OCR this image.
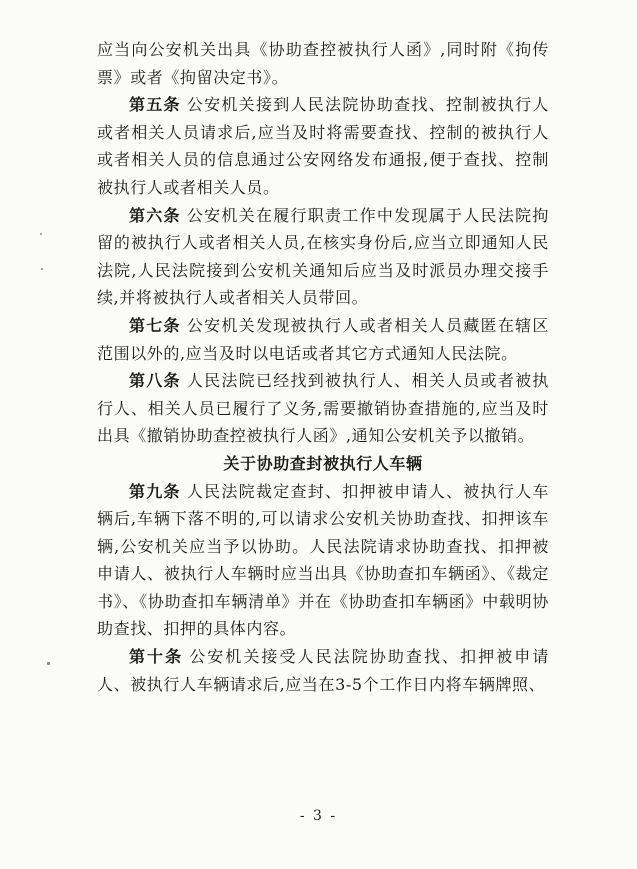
应当向公安机关出具《协助查控被执行人函》,同时附《拘传票》或者《拘留决定书》。

第五条 公安机关接到人民法院协助查找、控制被执行人或者相关人员请求后,应当及时将需要查找、控制的被执行人或者相关人员的信息通过公安网络发布通报,便于查找、控制被执行人或者相关人员。

第六条 公安机关在履行职责工作中发现属于人民法院拘留的被执行人或者相关人员,在核实身份后,应当立即通知人民法院,人民法院接到公安机关通知后应当及时派员办理交接手续,并将被执行人或者相关人员带回。

第七条 公安机关发现被执行人或者相关人员藏匿在辖区范围以外的,应当及时以电话或者其它方式通知人民法院。

第八条 人民法院已经找到被执行人、相关人员或者被执行人、相关人员已履行了义务,需要撤销协查措施的,应当及时出具《撤销协助查控被执行人函》,通知公安机关予以撤销。

关于协助查封被执行人车辆

第九条 人民法院裁定查封、扣押被申请人、被执行人车辆后,车辆下落不明的,可以请求公安机关协助查找、扣押该车辆,公安机关应当予以协助。人民法院请求协助查找、扣押被申请人、被执行人车辆时应当出具《协助查扣车辆函》、《裁定书》、《协助查扣车辆清单》并在《协助查扣车辆函》中载明协助查找、扣押的具体内容。

第十条 公安机关接受人民法院协助查找、扣押被申请人、被执行人车辆请求后,应当在3-5个工作日内将车辆牌照、

- 3 -
